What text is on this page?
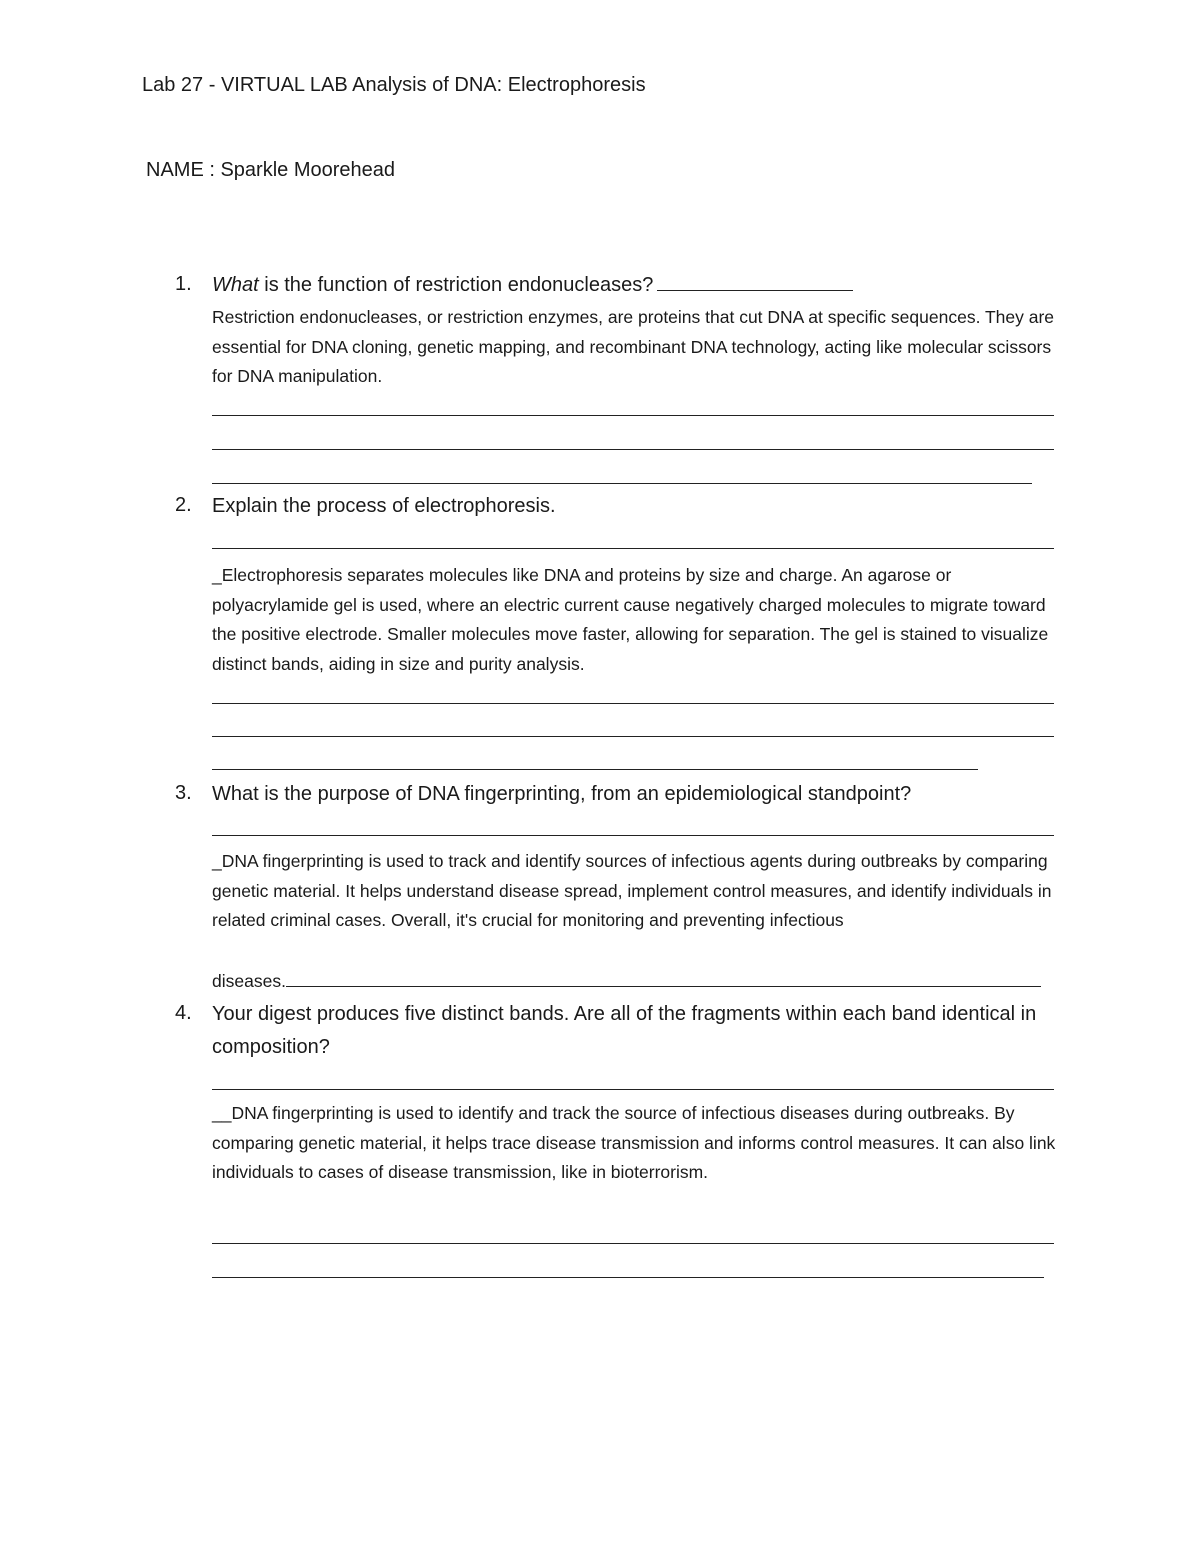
Lab 27 - VIRTUAL LAB Analysis of DNA: Electrophoresis
NAME : Sparkle Moorehead
1. What is the function of restriction endonucleases?
Restriction endonucleases, or restriction enzymes, are proteins that cut DNA at specific sequences. They are essential for DNA cloning, genetic mapping, and recombinant DNA technology, acting like molecular scissors for DNA manipulation.
2. Explain the process of electrophoresis.
_Electrophoresis separates molecules like DNA and proteins by size and charge. An agarose or polyacrylamide gel is used, where an electric current cause negatively charged molecules to migrate toward the positive electrode. Smaller molecules move faster, allowing for separation. The gel is stained to visualize distinct bands, aiding in size and purity analysis.
3. What is the purpose of DNA fingerprinting, from an epidemiological standpoint?
_DNA fingerprinting is used to track and identify sources of infectious agents during outbreaks by comparing genetic material. It helps understand disease spread, implement control measures, and identify individuals in related criminal cases. Overall, it's crucial for monitoring and preventing infectious
diseases.
4. Your digest produces five distinct bands. Are all of the fragments within each band identical in composition?
__DNA fingerprinting is used to identify and track the source of infectious diseases during outbreaks. By comparing genetic material, it helps trace disease transmission and informs control measures. It can also link individuals to cases of disease transmission, like in bioterrorism.
